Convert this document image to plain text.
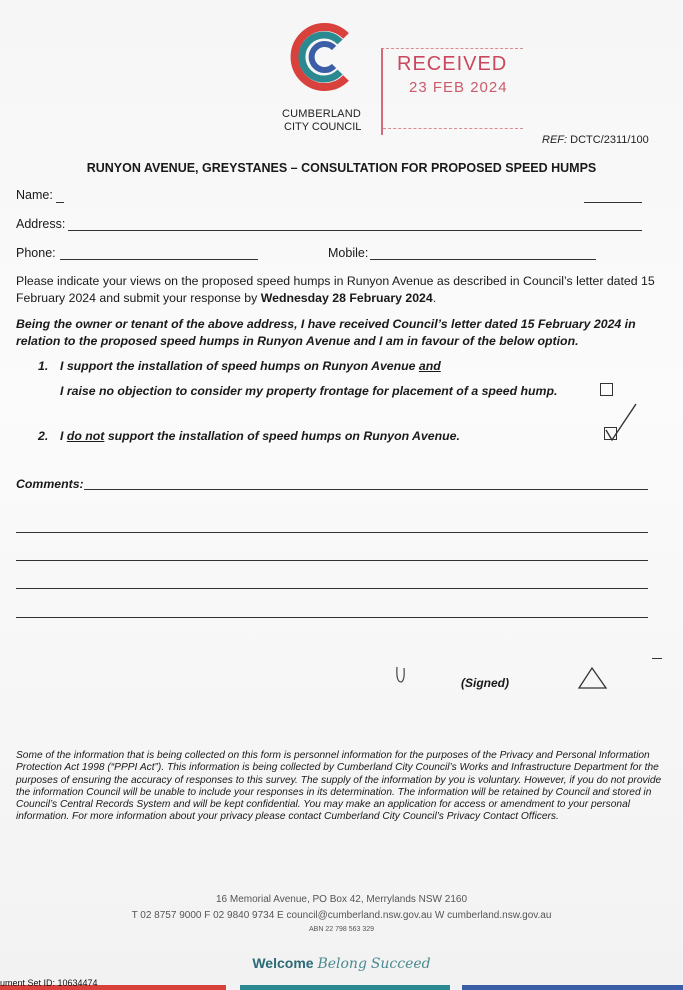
CUMBERLAND
CITY COUNCIL
RECEIVED
23 FEB 2024
REF: DCTC/2311/100
RUNYON AVENUE, GREYSTANES – CONSULTATION FOR PROPOSED SPEED HUMPS
Name:
Address:
Phone:	Mobile:
Please indicate your views on the proposed speed humps in Runyon Avenue as described in Council’s letter dated 15 February 2024 and submit your response by Wednesday 28 February 2024.
Being the owner or tenant of the above address, I have received Council’s letter dated 15 February 2024 in relation to the proposed speed humps in Runyon Avenue and I am in favour of the below option.
1. I support the installation of speed humps on Runyon Avenue and
I raise no objection to consider my property frontage for placement of a speed hump.
2. I do not support the installation of speed humps on Runyon Avenue.
Comments:
(Signed)
Some of the information that is being collected on this form is personnel information for the purposes of the Privacy and Personal Information Protection Act 1998 (“PPPI Act”). This information is being collected by Cumberland City Council’s Works and Infrastructure Department for the purposes of ensuring the accuracy of responses to this survey. The supply of the information by you is voluntary. However, if you do not provide the information Council will be unable to include your responses in its determination. The information will be retained by Council and stored in Council’s Central Records System and will be kept confidential. You may make an application for access or amendment to your personal information. For more information about your privacy please contact Cumberland City Council’s Privacy Contact Officers.
16 Memorial Avenue, PO Box 42, Merrylands NSW 2160
T 02 8757 9000 F 02 9840 9734 E council@cumberland.nsw.gov.au W cumberland.nsw.gov.au
ABN 22 798 563 329
Welcome Belong Succeed
ument Set ID: 10634474
